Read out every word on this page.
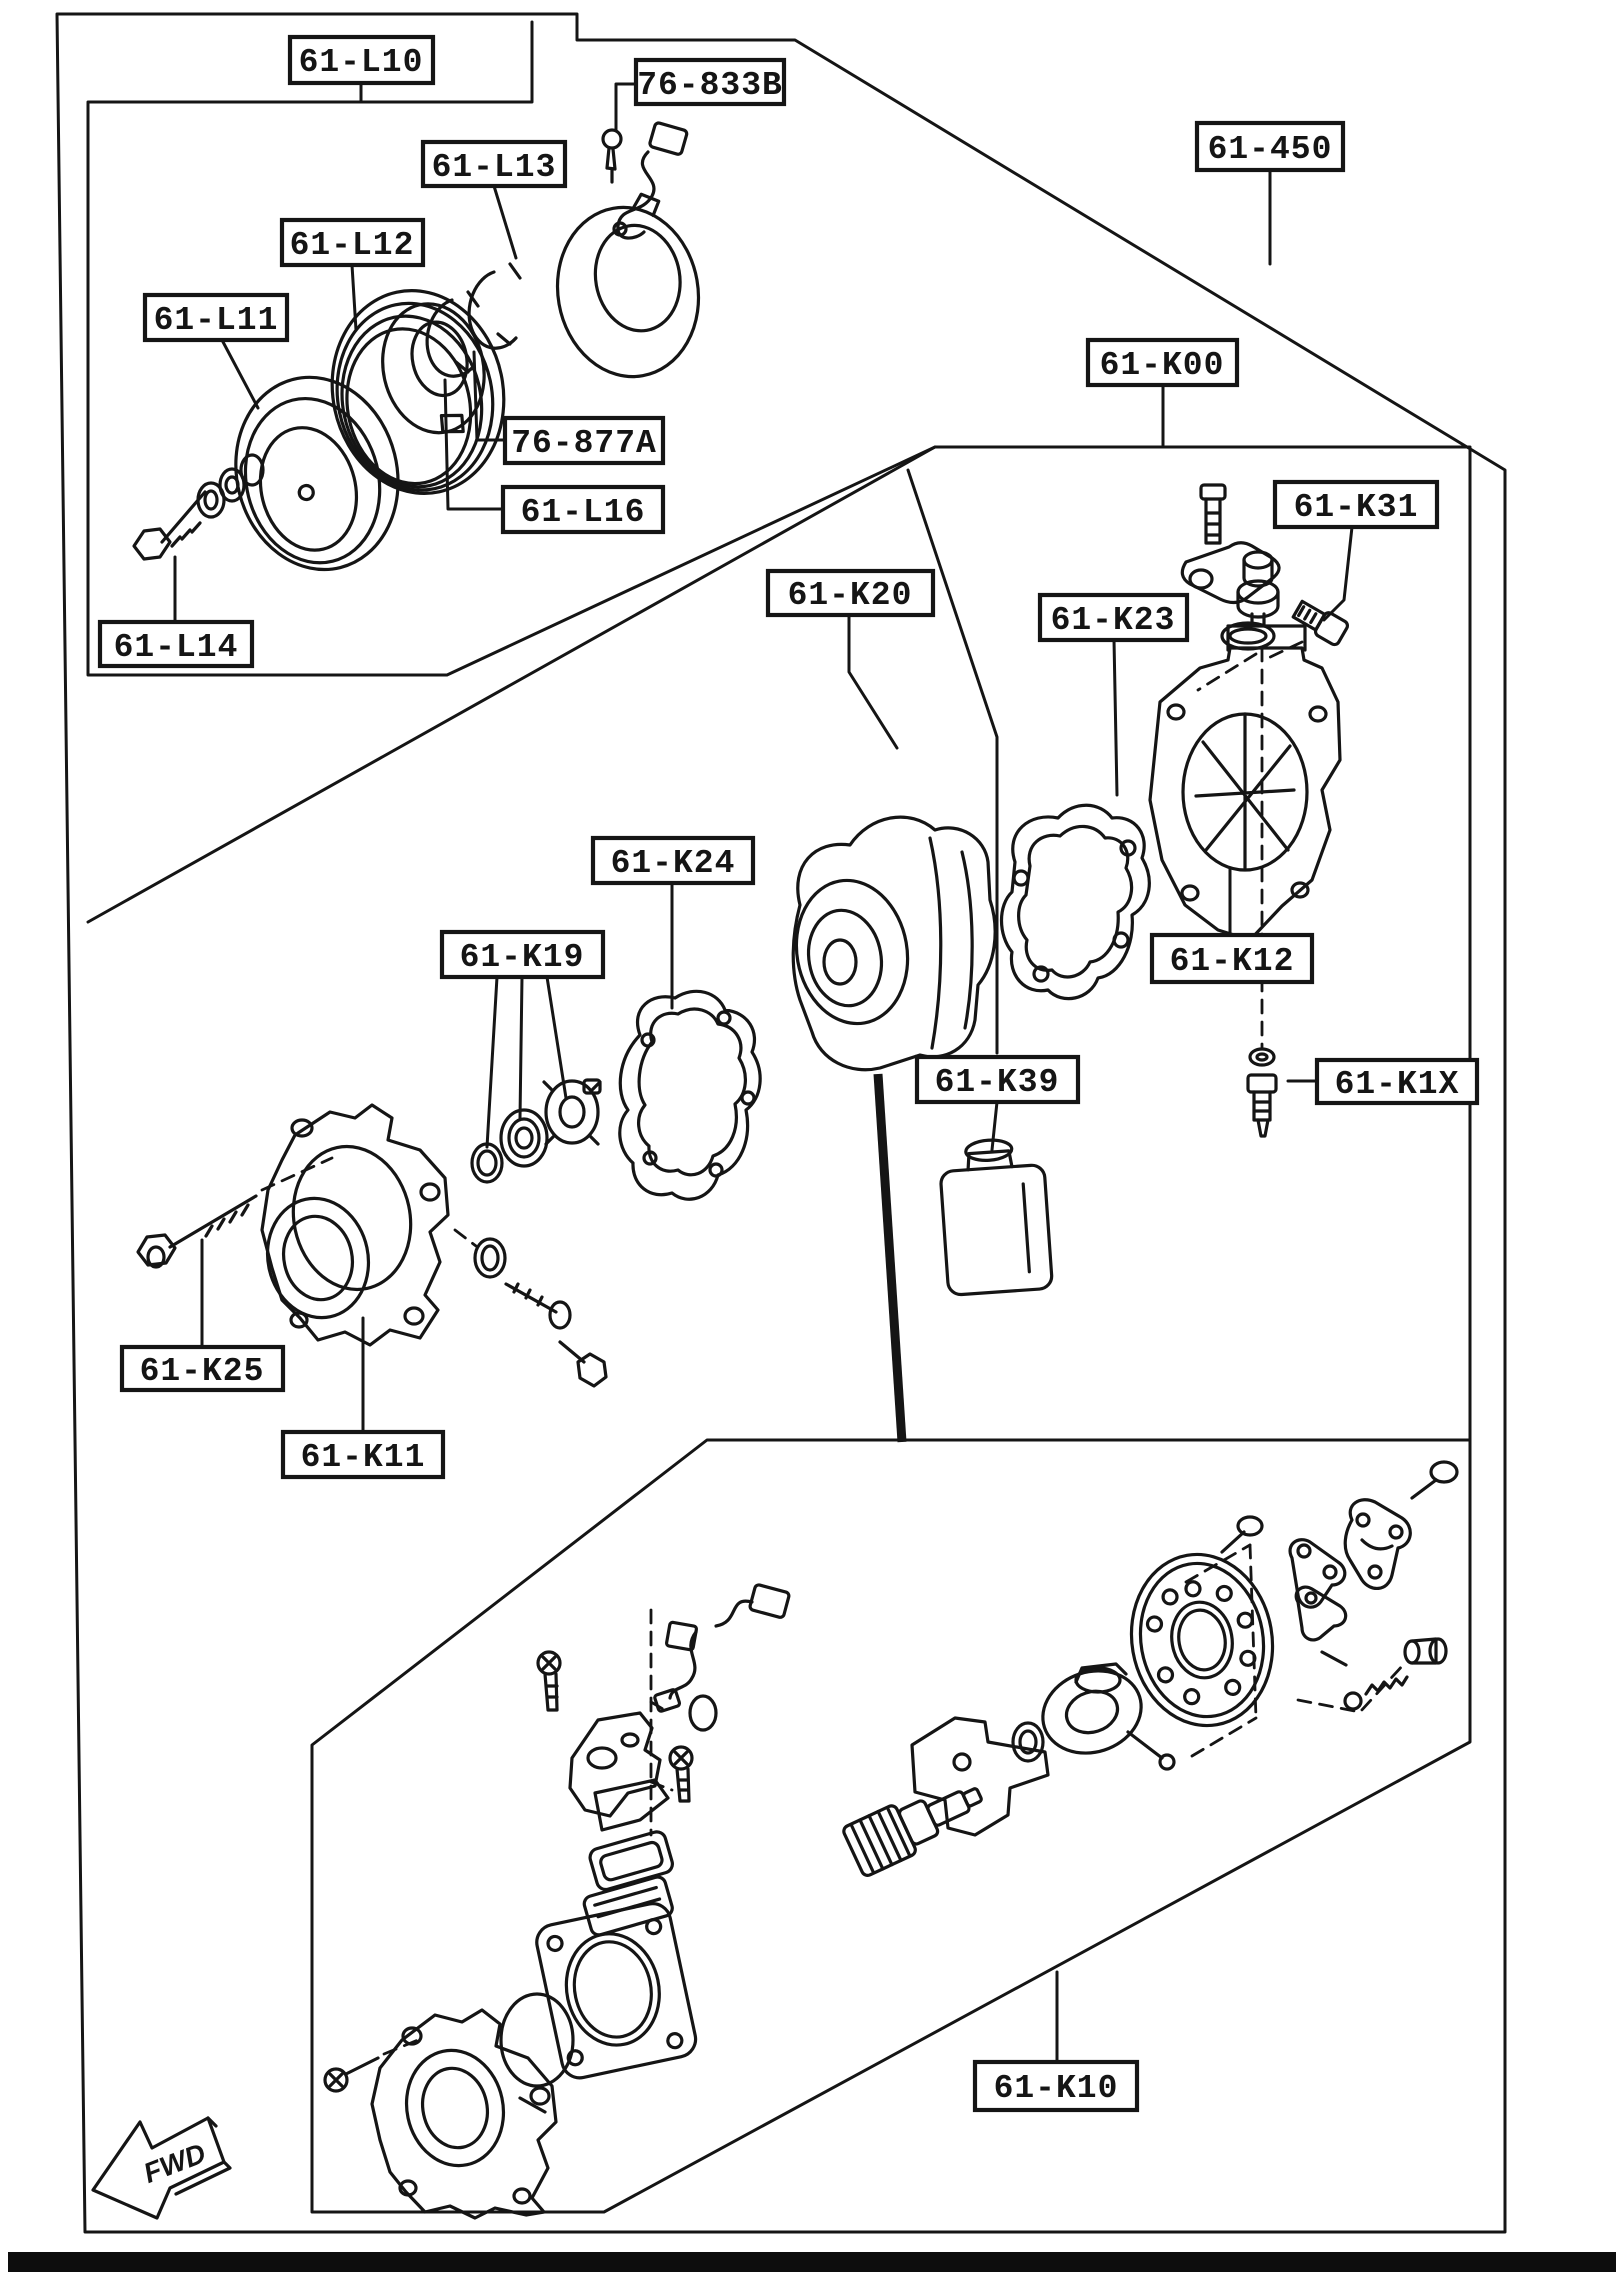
FWD
61-L10
76-833B
61-L13
61-L12
61-L11
76-877A
61-L16
61-L14
61-450
61-K00
61-K31
61-K23
61-K20
61-K24
61-K19	61-K12
61-K1X
61-K39
61-K25
61-K11
61-K10
